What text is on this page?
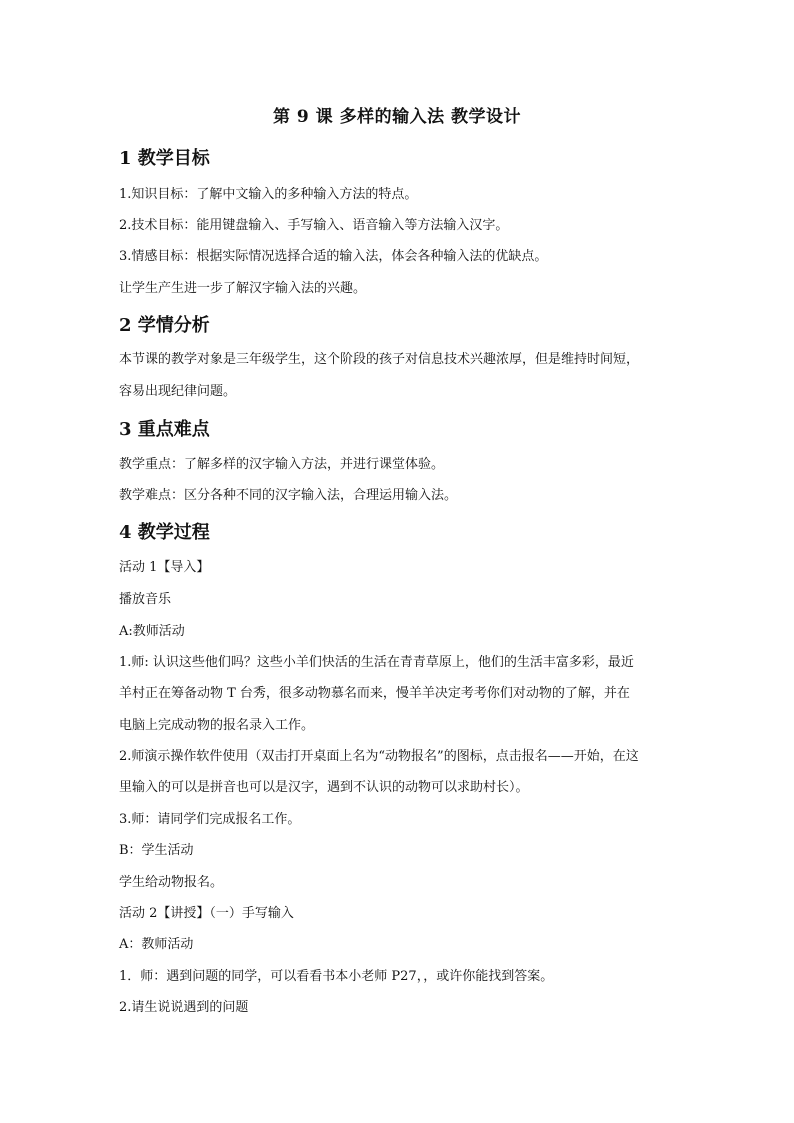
第 9 课 多样的输入法 教学设计
1 教学目标
1.知识目标：了解中文输入的多种输入方法的特点。
2.技术目标：能用键盘输入、手写输入、语音输入等方法输入汉字。
3.情感目标：根据实际情况选择合适的输入法，体会各种输入法的优缺点。
让学生产生进一步了解汉字输入法的兴趣。
2 学情分析
本节课的教学对象是三年级学生，这个阶段的孩子对信息技术兴趣浓厚，但是维持时间短，
容易出现纪律问题。
3 重点难点
教学重点：了解多样的汉字输入方法，并进行课堂体验。
教学难点：区分各种不同的汉字输入法，合理运用输入法。
4 教学过程
活动 1【导入】
播放音乐
A:教师活动
1.师: 认识这些他们吗？这些小羊们快活的生活在青青草原上，他们的生活丰富多彩，最近
羊村正在筹备动物 T 台秀，很多动物慕名而来，慢羊羊决定考考你们对动物的了解，并在
电脑上完成动物的报名录入工作。
2.师演示操作软件使用（双击打开桌面上名为“动物报名”的图标，点击报名——开始，在这
里输入的可以是拼音也可以是汉字，遇到不认识的动物可以求助村长）。
3.师：请同学们完成报名工作。
B：学生活动
学生给动物报名。
活动 2【讲授】（一）手写输入
A：教师活动
1．师：遇到问题的同学，可以看看书本小老师 P27，，或许你能找到答案。
2.请生说说遇到的问题
